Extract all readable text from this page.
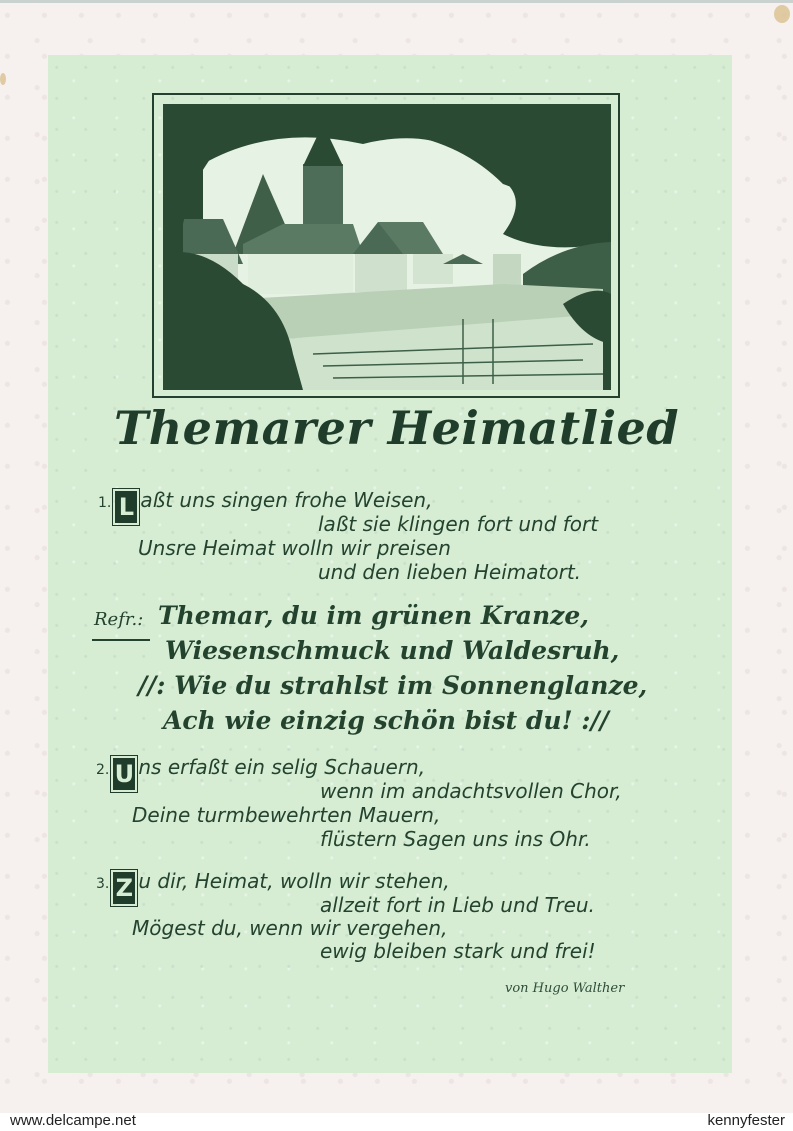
Themarer Heimatlied
1. L aßt uns singen frohe Weisen,
laßt sie klingen fort und fort
Unsre Heimat wolln wir preisen
und den lieben Heimatort.
Refr.: Themar, du im grünen Kranze,
Wiesenschmuck und Waldesruh,
//: Wie du strahlst im Sonnenglanze,
Ach wie einzig schön bist du! ://
2. U ns erfaßt ein selig Schauern,
wenn im andachtsvollen Chor,
Deine turmbewehrten Mauern,
flüstern Sagen uns ins Ohr.
3. Z u dir, Heimat, wolln wir stehen,
allzeit fort in Lieb und Treu.
Mögest du, wenn wir vergehen,
ewig bleiben stark und frei!
von Hugo Walther
www.delcampe.net	kennyfester
